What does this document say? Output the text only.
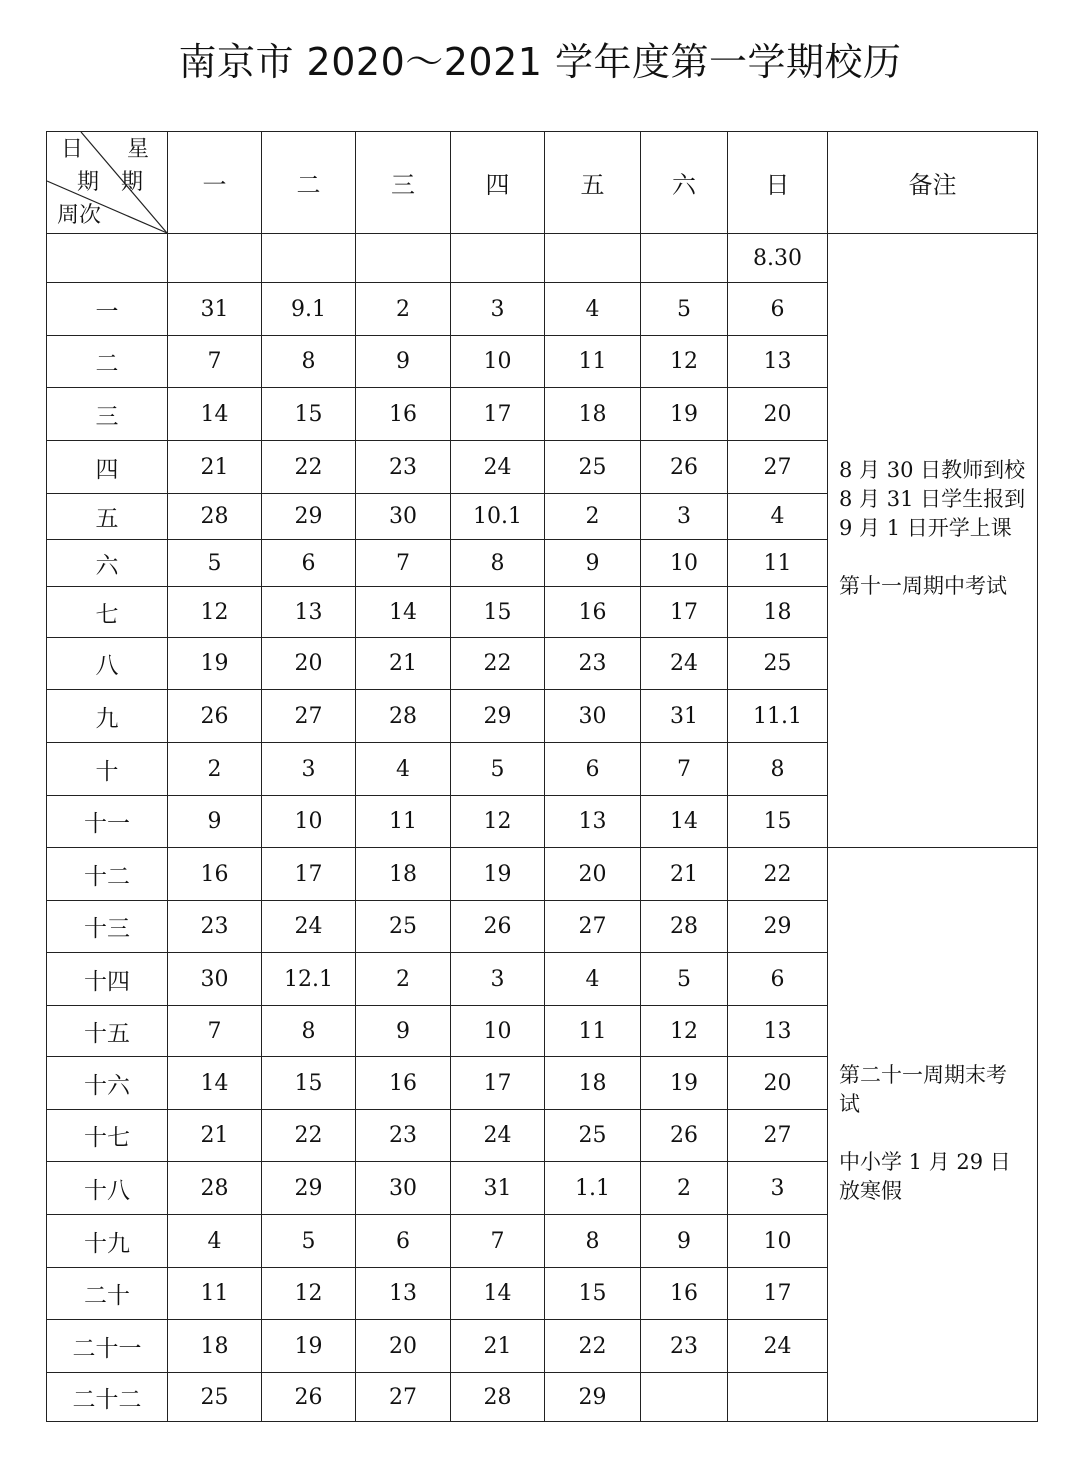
南京市 2020～2021 学年度第一学期校历
日　　星
期　期
周次	一	二	三	四	五	六	日	备注
							8.30	8 月 30 日教师到校

8 月 31 日学生报到

9 月 1 日开学上课

第十一周期中考试

一	31	9.1	2	3	4	5	6	
二	7	8	9	10	11	12	13	
三	14	15	16	17	18	19	20	
四	21	22	23	24	25	26	27	
五	28	29	30	10.1	2	3	4	
六	5	6	7	8	9	10	11	
七	12	13	14	15	16	17	18	
八	19	20	21	22	23	24	25	
九	26	27	28	29	30	31	11.1	
十	2	3	4	5	6	7	8	
十一	9	10	11	12	13	14	15	
十二	16	17	18	19	20	21	22	第二十一周期末考
试

中小学 1 月 29 日
放寒假

十三	23	24	25	26	27	28	29	
十四	30	12.1	2	3	4	5	6	
十五	7	8	9	10	11	12	13	
十六	14	15	16	17	18	19	20	
十七	21	22	23	24	25	26	27	
十八	28	29	30	31	1.1	2	3	
十九	4	5	6	7	8	9	10	
二十	11	12	13	14	15	16	17	
二十一	18	19	20	21	22	23	24	
二十二	25	26	27	28	29			
